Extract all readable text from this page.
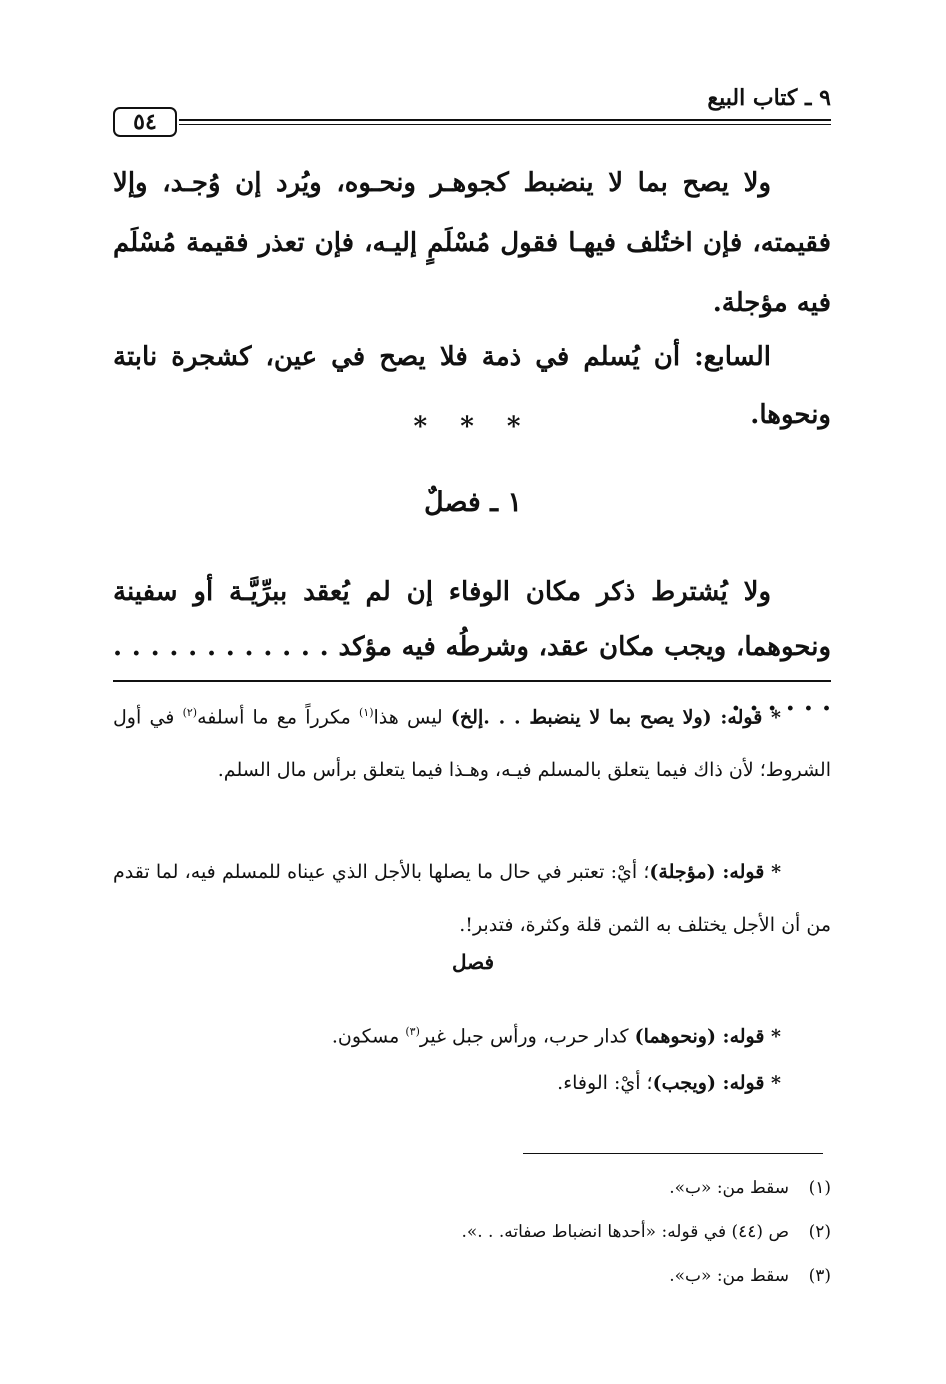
٥٤
٩ ـ كتاب البيع
ولا يصح بما لا ينضبط كجوهـر ونحـوه، ويُرد إن وُجـد، وإلا فقيمته، فإن اختُلف فيهـا فقول مُسْلَمٍ إليـه، فإن تعذر فقيمة مُسْلَم فيه مؤجلة.
السابع: أن يُسلم في ذمة فلا يصح في عين، كشجرة نابتة ونحوها.
* * *
١ ـ فصلٌ
ولا يُشترط ذكر مكان الوفاء إن لم يُعقد ببرِّيَّـة أو سفينة ونحوهما، ويجب مكان عقد، وشرطُه فيه مؤكد . . . . . . . . . . . . . . . . . .
* قوله: (ولا يصح بما لا ينضبط . . .إلخ) ليس هذا$^{(١)}$ مكرراً مع ما أسلفه$^{(٢)}$ في أول الشروط؛ لأن ذاك فيما يتعلق بالمسلم فيـه، وهـذا فيما يتعلق برأس مال السلم.
* قوله: (مؤجلة)؛ أيْ: تعتبر في حال ما يصلها بالأجل الذي عيناه للمسلم فيه، لما تقدم من أن الأجل يختلف به الثمن قلة وكثرة، فتدبر!.
فصل
* قوله: (ونحوهما) كدار حرب، ورأس جبل غير$^{(٣)}$ مسكون.
* قوله: (ويجب)؛ أيْ: الوفاء.
(١)سقط من: «ب».
(٢)ص (٤٤) في قوله: «أحدها انضباط صفاته. . .».
(٣)سقط من: «ب».
